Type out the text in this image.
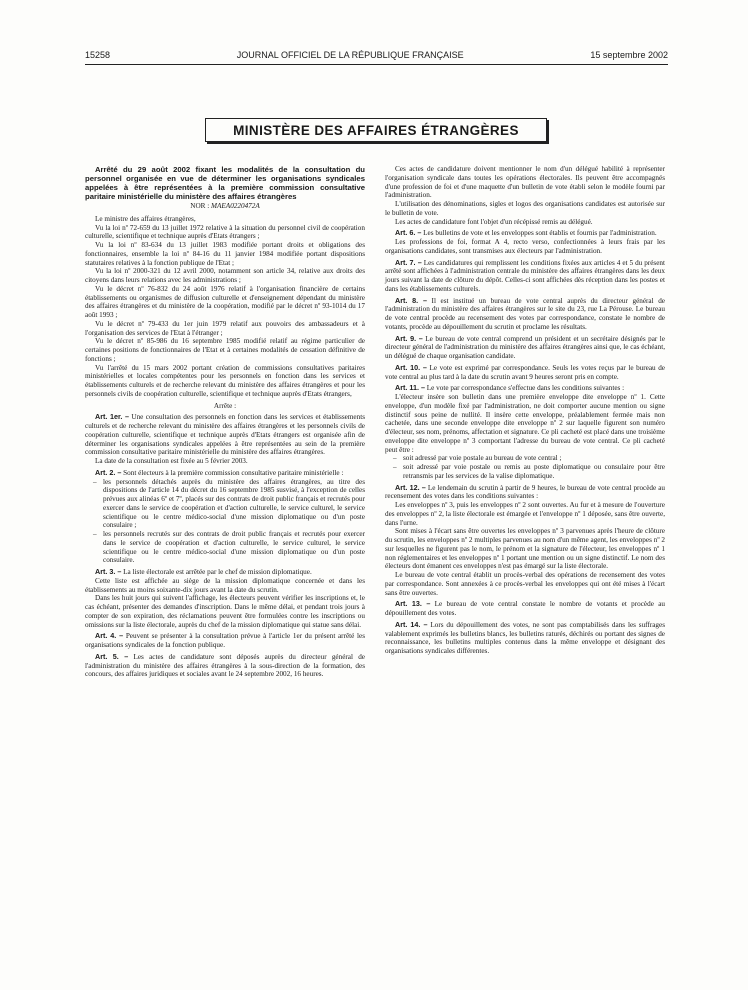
15258	JOURNAL OFFICIEL DE LA RÉPUBLIQUE FRANÇAISE	15 septembre 2002
MINISTÈRE DES AFFAIRES ÉTRANGÈRES

Arrêté du 29 août 2002 fixant les modalités de la consultation du personnel organisée en vue de déterminer les organisations syndicales appelées à être représentées à la première commission consultative paritaire ministérielle du ministère des affaires étrangères

NOR : MAEA0220472A

Le ministre des affaires étrangères,

Vu la loi nº 72-659 du 13 juillet 1972 relative à la situation du personnel civil de coopération culturelle, scientifique et technique auprès d'Etats étrangers ;

Vu la loi nº 83-634 du 13 juillet 1983 modifiée portant droits et obligations des fonctionnaires, ensemble la loi nº 84-16 du 11 janvier 1984 modifiée portant dispositions statutaires relatives à la fonction publique de l'Etat ;

Vu la loi nº 2000-321 du 12 avril 2000, notamment son article 34, relative aux droits des citoyens dans leurs relations avec les administrations ;

Vu le décret nº 76-832 du 24 août 1976 relatif à l'organisation financière de certains établissements ou organismes de diffusion culturelle et d'enseignement dépendant du ministère des affaires étrangères et du ministère de la coopération, modifié par le décret nº 93-1014 du 17 août 1993 ;

Vu le décret nº 79-433 du 1er juin 1979 relatif aux pouvoirs des ambassadeurs et à l'organisation des services de l'Etat à l'étranger ;

Vu le décret nº 85-986 du 16 septembre 1985 modifié relatif au régime particulier de certaines positions de fonctionnaires de l'Etat et à certaines modalités de cessation définitive de fonctions ;

Vu l'arrêté du 15 mars 2002 portant création de commissions consultatives paritaires ministérielles et locales compétentes pour les personnels en fonction dans les services et établissements culturels et de recherche relevant du ministère des affaires étrangères et pour les personnels civils de coopération culturelle, scientifique et technique auprès d'Etats étrangers,

Arrête :

Art. 1er. – Une consultation des personnels en fonction dans les services et établissements culturels et de recherche relevant du ministère des affaires étrangères et les personnels civils de coopération culturelle, scientifique et technique auprès d'Etats étrangers est organisée afin de déterminer les organisations syndicales appelées à être représentées au sein de la première commission consultative paritaire ministérielle du ministère des affaires étrangères.

La date de la consultation est fixée au 5 février 2003.

Art. 2. – Sont électeurs à la première commission consultative paritaire ministérielle :

– les personnels détachés auprès du ministère des affaires étrangères, au titre des dispositions de l'article 14 du décret du 16 septembre 1985 susvisé, à l'exception de celles prévues aux alinéas 6º et 7º, placés sur des contrats de droit public français et recrutés pour exercer dans le service de coopération et d'action culturelle, le service culturel, le service scientifique ou le centre médico-social d'une mission diplomatique ou d'un poste consulaire ;
– les personnels recrutés sur des contrats de droit public français et recrutés pour exercer dans le service de coopération et d'action culturelle, le service culturel, le service scientifique ou le centre médico-social d'une mission diplomatique ou d'un poste consulaire.

Art. 3. – La liste électorale est arrêtée par le chef de mission diplomatique.

Cette liste est affichée au siège de la mission diplomatique concernée et dans les établissements au moins soixante-dix jours avant la date du scrutin.

Dans les huit jours qui suivent l'affichage, les électeurs peuvent vérifier les inscriptions et, le cas échéant, présenter des demandes d'inscription. Dans le même délai, et pendant trois jours à compter de son expiration, des réclamations peuvent être formulées contre les inscriptions ou omissions sur la liste électorale, auprès du chef de la mission diplomatique qui statue sans délai.

Art. 4. – Peuvent se présenter à la consultation prévue à l'article 1er du présent arrêté les organisations syndicales de la fonction publique.

Art. 5. – Les actes de candidature sont déposés auprès du directeur général de l'administration du ministère des affaires étrangères à la sous-direction de la formation, des concours, des affaires juridiques et sociales avant le 24 septembre 2002, 16 heures.

Ces actes de candidature doivent mentionner le nom d'un délégué habilité à représenter l'organisation syndicale dans toutes les opérations électorales. Ils peuvent être accompagnés d'une profession de foi et d'une maquette d'un bulletin de vote établi selon le modèle fourni par l'administration.

L'utilisation des dénominations, sigles et logos des organisations candidates est autorisée sur le bulletin de vote.

Les actes de candidature font l'objet d'un récépissé remis au délégué.

Art. 6. – Les bulletins de vote et les enveloppes sont établis et fournis par l'administration.

Les professions de foi, format A 4, recto verso, confectionnées à leurs frais par les organisations candidates, sont transmises aux électeurs par l'administration.

Art. 7. – Les candidatures qui remplissent les conditions fixées aux articles 4 et 5 du présent arrêté sont affichées à l'administration centrale du ministère des affaires étrangères dans les deux jours suivant la date de clôture du dépôt. Celles-ci sont affichées dès réception dans les postes et dans les établissements culturels.

Art. 8. – Il est institué un bureau de vote central auprès du directeur général de l'administration du ministère des affaires étrangères sur le site du 23, rue La Pérouse. Le bureau de vote central procède au recensement des votes par correspondance, constate le nombre de votants, procède au dépouillement du scrutin et proclame les résultats.

Art. 9. – Le bureau de vote central comprend un président et un secrétaire désignés par le directeur général de l'administration du ministère des affaires étrangères ainsi que, le cas échéant, un délégué de chaque organisation candidate.

Art. 10. – Le vote est exprimé par correspondance. Seuls les votes reçus par le bureau de vote central au plus tard à la date du scrutin avant 9 heures seront pris en compte.

Art. 11. – Le vote par correspondance s'effectue dans les conditions suivantes :

L'électeur insère son bulletin dans une première enveloppe dite enveloppe nº 1. Cette enveloppe, d'un modèle fixé par l'administration, ne doit comporter aucune mention ou signe distinctif sous peine de nullité. Il insère cette enveloppe, préalablement fermée mais non cachetée, dans une seconde enveloppe dite enveloppe nº 2 sur laquelle figurent son numéro d'électeur, ses nom, prénoms, affectation et signature. Ce pli cacheté est placé dans une troisième enveloppe dite enveloppe nº 3 comportant l'adresse du bureau de vote central. Ce pli cacheté peut être :

– soit adressé par voie postale au bureau de vote central ;
– soit adressé par voie postale ou remis au poste diplomatique ou consulaire pour être retransmis par les services de la valise diplomatique.

Art. 12. – Le lendemain du scrutin à partir de 9 heures, le bureau de vote central procède au recensement des votes dans les conditions suivantes :

Les enveloppes nº 3, puis les enveloppes nº 2 sont ouvertes. Au fur et à mesure de l'ouverture des enveloppes nº 2, la liste électorale est émargée et l'enveloppe nº 1 déposée, sans être ouverte, dans l'urne.

Sont mises à l'écart sans être ouvertes les enveloppes nº 3 parvenues après l'heure de clôture du scrutin, les enveloppes nº 2 multiples parvenues au nom d'un même agent, les enveloppes nº 2 sur lesquelles ne figurent pas le nom, le prénom et la signature de l'électeur, les enveloppes nº 1 non réglementaires et les enveloppes nº 1 portant une mention ou un signe distinctif. Le nom des électeurs dont émanent ces enveloppes n'est pas émargé sur la liste électorale.

Le bureau de vote central établit un procès-verbal des opérations de recensement des votes par correspondance. Sont annexées à ce procès-verbal les enveloppes qui ont été mises à l'écart sans être ouvertes.

Art. 13. – Le bureau de vote central constate le nombre de votants et procède au dépouillement des votes.

Art. 14. – Lors du dépouillement des votes, ne sont pas comptabilisés dans les suffrages valablement exprimés les bulletins blancs, les bulletins raturés, déchirés ou portant des signes de reconnaissance, les bulletins multiples contenus dans la même enveloppe et désignant des organisations syndicales différentes.
